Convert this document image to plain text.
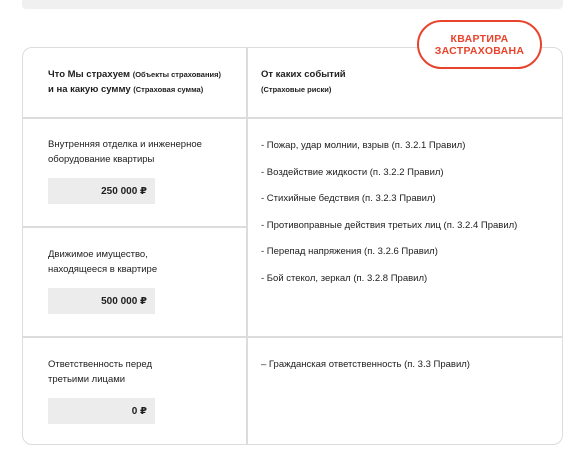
КВАРТИРА
ЗАСТРАХОВАНА
Что Мы страхуем (Объекты страхования)
и на какую сумму (Страховая сумма)
От каких событий
(Страховые риски)
Внутренняя отделка и инженерное
оборудование квартиры
250 000 ₽
Движимое имущество,
находящееся в квартире
500 000 ₽
Ответственность перед
третьими лицами
0 ₽
- Пожар, удар молнии, взрыв (п. 3.2.1 Правил)
- Воздействие жидкости (п. 3.2.2 Правил)
- Стихийные бедствия (п. 3.2.3 Правил)
- Противоправные действия третьих лиц (п. 3.2.4 Правил)
- Перепад напряжения (п. 3.2.6 Правил)
- Бой стекол, зеркал (п. 3.2.8 Правил)
– Гражданская ответственность (п. 3.3 Правил)
